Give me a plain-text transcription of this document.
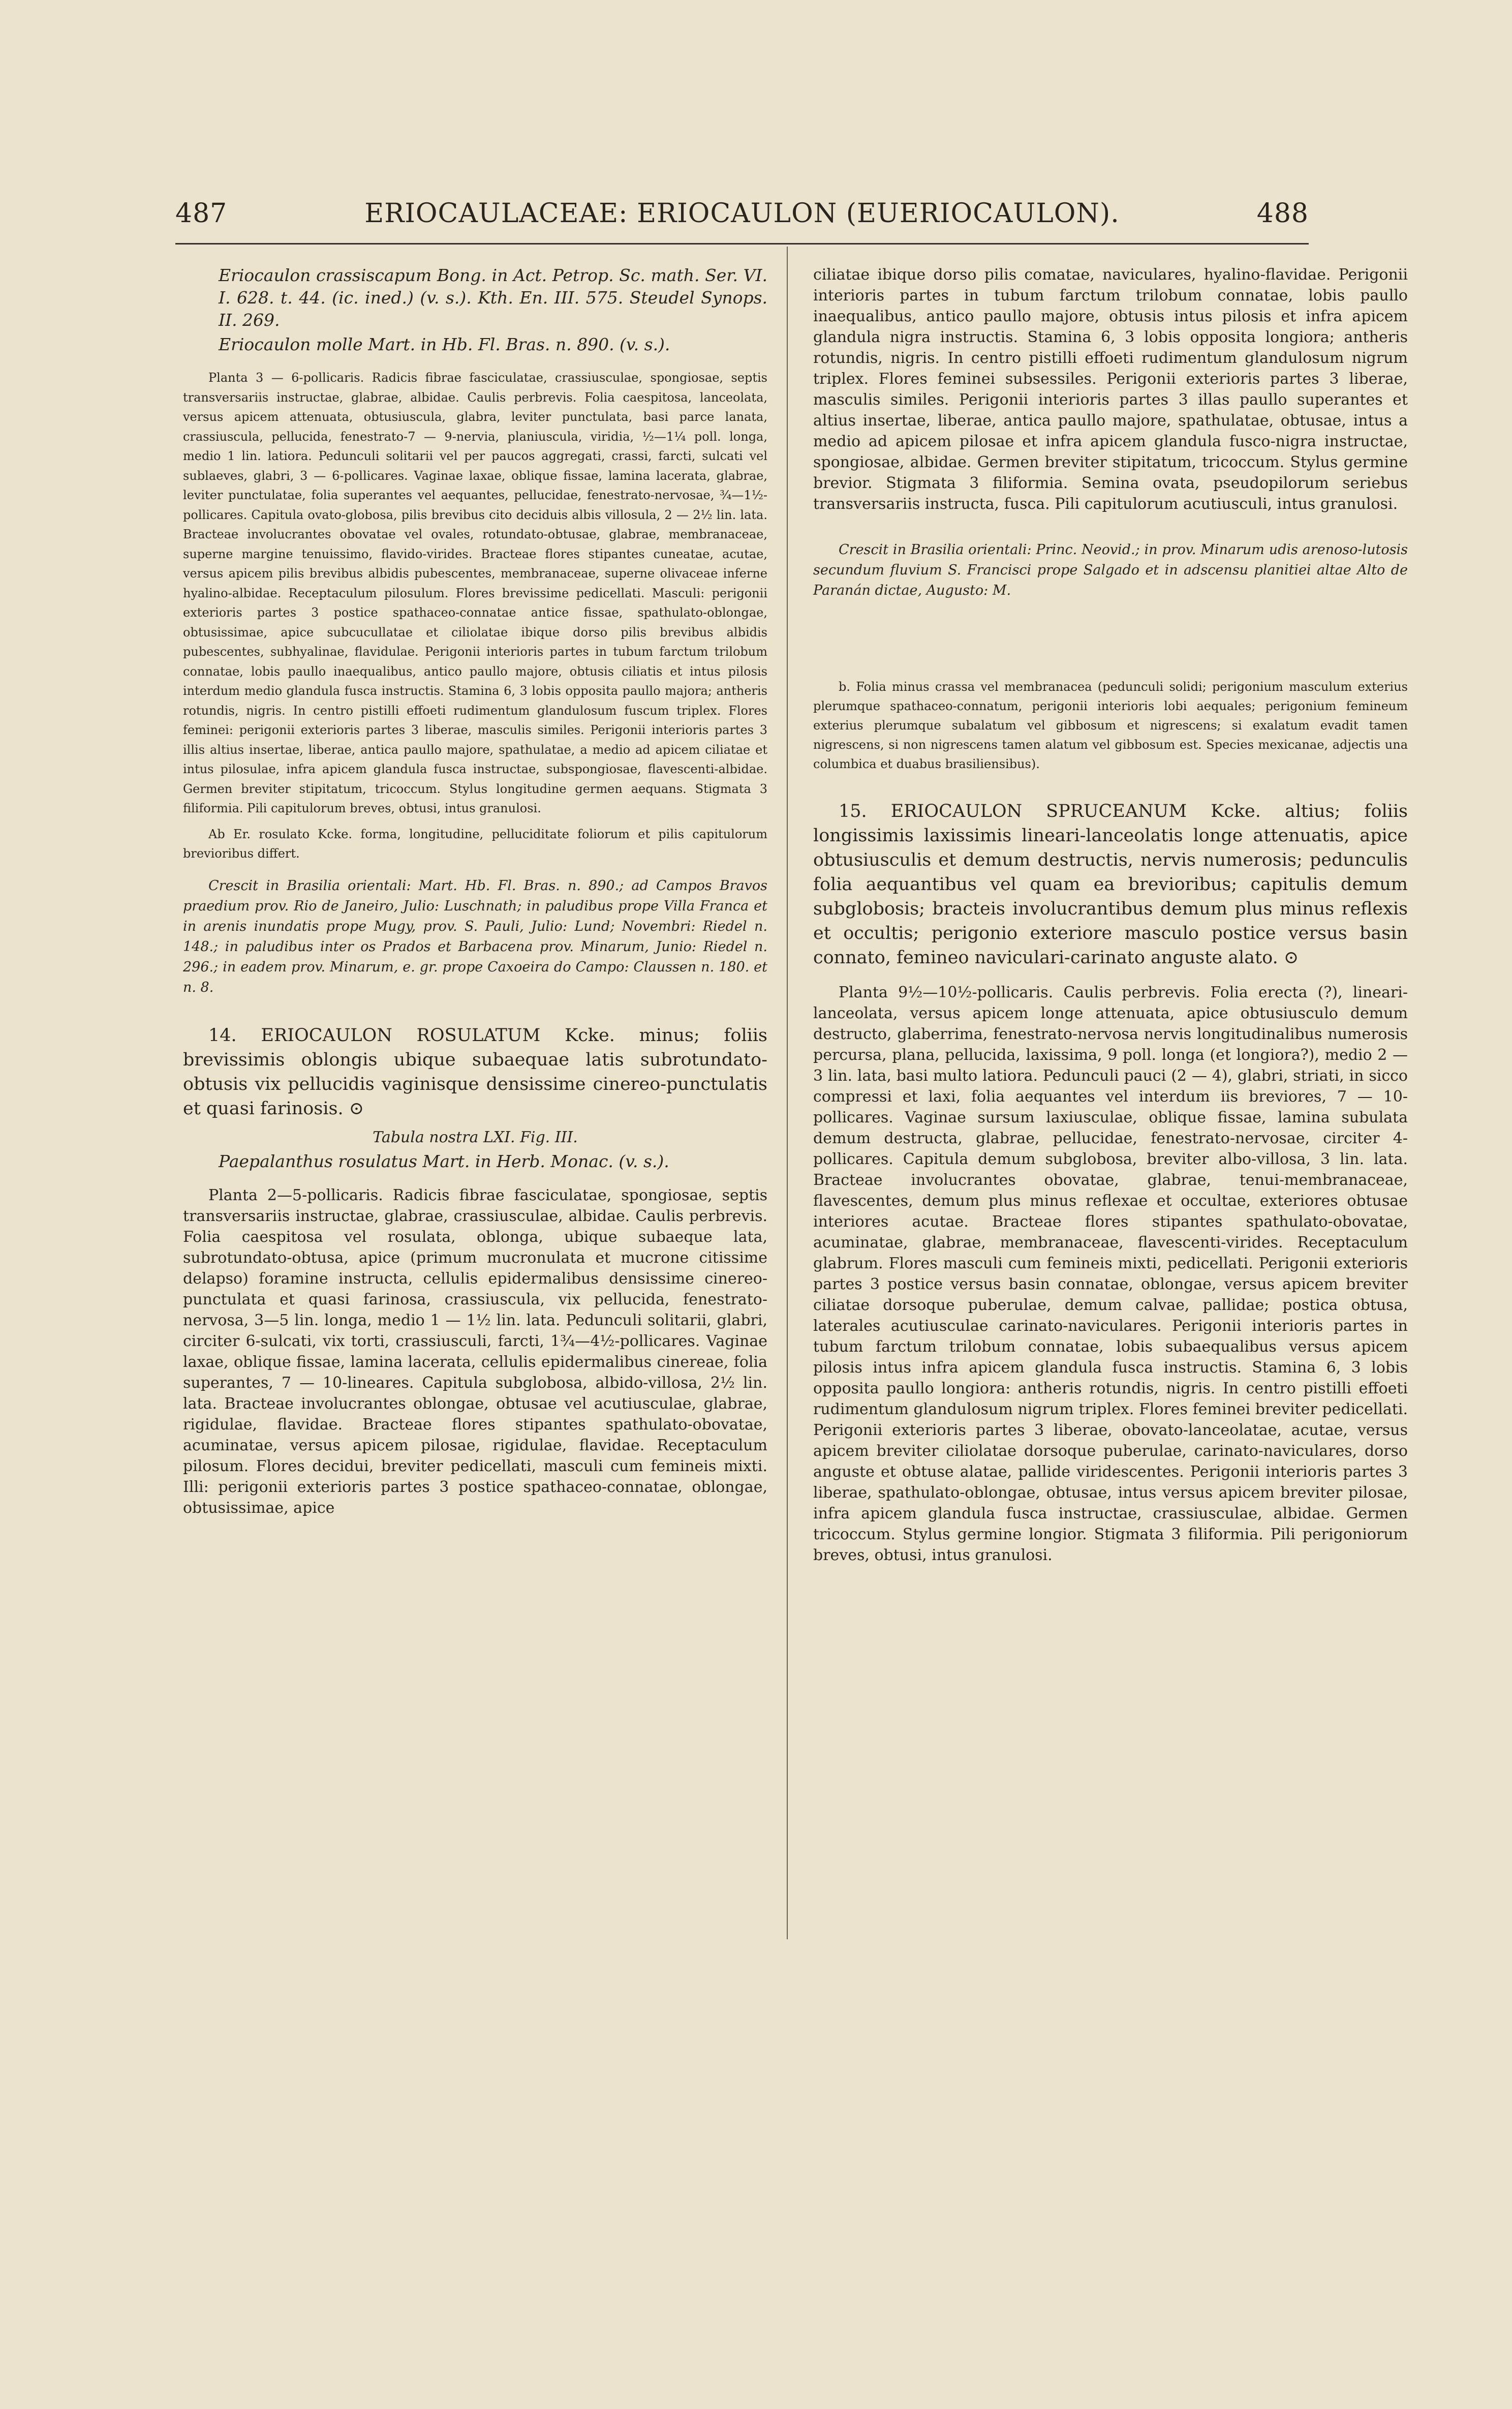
487	ERIOCAULACEAE: ERIOCAULON (EUERIOCAULON).	488

Eriocaulon crassiscapum Bong. in Act. Petrop. Sc. math. Ser. VI. I. 628. t. 44. (ic. ined.) (v. s.). Kth. En. III. 575. Steudel Synops. II. 269.

Eriocaulon molle Mart. in Hb. Fl. Bras. n. 890. (v. s.).

Planta 3 — 6-pollicaris. Radicis fibrae fasciculatae, crassiusculae, spongiosae, septis transversariis instructae, glabrae, albidae. Caulis perbrevis. Folia caespitosa, lanceolata, versus apicem attenuata, obtusiuscula, glabra, leviter punctulata, basi parce lanata, crassiuscula, pellucida, fenestrato-7 — 9-nervia, planiuscula, viridia, ½—1¼ poll. longa, medio 1 lin. latiora. Pedunculi solitarii vel per paucos aggregati, crassi, farcti, sulcati vel sublaeves, glabri, 3 — 6-pollicares. Vaginae laxae, oblique fissae, lamina lacerata, glabrae, leviter punctulatae, folia superantes vel aequantes, pellucidae, fenestrato-nervosae, ¾—1½-pollicares. Capitula ovato-globosa, pilis brevibus cito deciduis albis villosula, 2 — 2½ lin. lata. Bracteae involucrantes obovatae vel ovales, rotundato-obtusae, glabrae, membranaceae, superne margine tenuissimo, flavido-virides. Bracteae flores stipantes cuneatae, acutae, versus apicem pilis brevibus albidis pubescentes, membranaceae, superne olivaceae inferne hyalino-albidae. Receptaculum pilosulum. Flores brevissime pedicellati. Masculi: perigonii exterioris partes 3 postice spathaceo-connatae antice fissae, spathulato-oblongae, obtusissimae, apice subcucullatae et ciliolatae ibique dorso pilis brevibus albidis pubescentes, subhyalinae, flavidulae. Perigonii interioris partes in tubum farctum trilobum connatae, lobis paullo inaequalibus, antico paullo majore, obtusis ciliatis et intus pilosis interdum medio glandula fusca instructis. Stamina 6, 3 lobis opposita paullo majora; antheris rotundis, nigris. In centro pistilli effoeti rudimentum glandulosum fuscum triplex. Flores feminei: perigonii exterioris partes 3 liberae, masculis similes. Perigonii interioris partes 3 illis altius insertae, liberae, antica paullo majore, spathulatae, a medio ad apicem ciliatae et intus pilosulae, infra apicem glandula fusca instructae, subspongiosae, flavescenti-albidae. Germen breviter stipitatum, tricoccum. Stylus longitudine germen aequans. Stigmata 3 filiformia. Pili capitulorum breves, obtusi, intus granulosi.

Ab Er. rosulato Kcke. forma, longitudine, pelluciditate foliorum et pilis capitulorum brevioribus differt.

Crescit in Brasilia orientali: Mart. Hb. Fl. Bras. n. 890.; ad Campos Bravos praedium prov. Rio de Janeiro, Julio: Luschnath; in paludibus prope Villa Franca et in arenis inundatis prope Mugy, prov. S. Pauli, Julio: Lund; Novembri: Riedel n. 148.; in paludibus inter os Prados et Barbacena prov. Minarum, Junio: Riedel n. 296.; in eadem prov. Minarum, e. gr. prope Caxoeira do Campo: Claussen n. 180. et n. 8.

14. ERIOCAULON ROSULATUM Kcke. minus; foliis brevissimis oblongis ubique subaequae latis subrotundato-obtusis vix pellucidis vaginisque densissime cinereo-punctulatis et quasi farinosis. ⊙

Tabula nostra LXI. Fig. III.

Paepalanthus rosulatus Mart. in Herb. Monac. (v. s.).

Planta 2—5-pollicaris. Radicis fibrae fasciculatae, spongiosae, septis transversariis instructae, glabrae, crassiusculae, albidae. Caulis perbrevis. Folia caespitosa vel rosulata, oblonga, ubique subaeque lata, subrotundato-obtusa, apice (primum mucronulata et mucrone citissime delapso) foramine instructa, cellulis epidermalibus densissime cinereo-punctulata et quasi farinosa, crassiuscula, vix pellucida, fenestrato-nervosa, 3—5 lin. longa, medio 1 — 1½ lin. lata. Pedunculi solitarii, glabri, circiter 6-sulcati, vix torti, crassiusculi, farcti, 1¾—4½-pollicares. Vaginae laxae, oblique fissae, lamina lacerata, cellulis epidermalibus cinereae, folia superantes, 7 — 10-lineares. Capitula subglobosa, albido-villosa, 2½ lin. lata. Bracteae involucrantes oblongae, obtusae vel acutiusculae, glabrae, rigidulae, flavidae. Bracteae flores stipantes spathulato-obovatae, acuminatae, versus apicem pilosae, rigidulae, flavidae. Receptaculum pilosum. Flores decidui, breviter pedicellati, masculi cum femineis mixti. Illi: perigonii exterioris partes 3 postice spathaceo-connatae, oblongae, obtusissimae, apice

ciliatae ibique dorso pilis comatae, naviculares, hyalino-flavidae. Perigonii interioris partes in tubum farctum trilobum connatae, lobis paullo inaequalibus, antico paullo majore, obtusis intus pilosis et infra apicem glandula nigra instructis. Stamina 6, 3 lobis opposita longiora; antheris rotundis, nigris. In centro pistilli effoeti rudimentum glandulosum nigrum triplex. Flores feminei subsessiles. Perigonii exterioris partes 3 liberae, masculis similes. Perigonii interioris partes 3 illas paullo superantes et altius insertae, liberae, antica paullo majore, spathulatae, obtusae, intus a medio ad apicem pilosae et infra apicem glandula fusco-nigra instructae, spongiosae, albidae. Germen breviter stipitatum, tricoccum. Stylus germine brevior. Stigmata 3 filiformia. Semina ovata, pseudopilorum seriebus transversariis instructa, fusca. Pili capitulorum acutiusculi, intus granulosi.

Crescit in Brasilia orientali: Princ. Neovid.; in prov. Minarum udis arenoso-lutosis secundum fluvium S. Francisci prope Salgado et in adscensu planitiei altae Alto de Paranán dictae, Augusto: M.

b. Folia minus crassa vel membranacea (pedunculi solidi; perigonium masculum exterius plerumque spathaceo-connatum, perigonii interioris lobi aequales; perigonium femineum exterius plerumque subalatum vel gibbosum et nigrescens; si exalatum evadit tamen nigrescens, si non nigrescens tamen alatum vel gibbosum est. Species mexicanae, adjectis una columbica et duabus brasiliensibus).

15. ERIOCAULON SPRUCEANUM Kcke. altius; foliis longissimis laxissimis lineari-lanceolatis longe attenuatis, apice obtusiusculis et demum destructis, nervis numerosis; pedunculis folia aequantibus vel quam ea brevioribus; capitulis demum subglobosis; bracteis involucrantibus demum plus minus reflexis et occultis; perigonio exteriore masculo postice versus basin connato, femineo naviculari-carinato anguste alato. ⊙

Planta 9½—10½-pollicaris. Caulis perbrevis. Folia erecta (?), lineari-lanceolata, versus apicem longe attenuata, apice obtusiusculo demum destructo, glaberrima, fenestrato-nervosa nervis longitudinalibus numerosis percursa, plana, pellucida, laxissima, 9 poll. longa (et longiora?), medio 2 — 3 lin. lata, basi multo latiora. Pedunculi pauci (2 — 4), glabri, striati, in sicco compressi et laxi, folia aequantes vel interdum iis breviores, 7 — 10-pollicares. Vaginae sursum laxiusculae, oblique fissae, lamina subulata demum destructa, glabrae, pellucidae, fenestrato-nervosae, circiter 4-pollicares. Capitula demum subglobosa, breviter albo-villosa, 3 lin. lata. Bracteae involucrantes obovatae, glabrae, tenui-membranaceae, flavescentes, demum plus minus reflexae et occultae, exteriores obtusae interiores acutae. Bracteae flores stipantes spathulato-obovatae, acuminatae, glabrae, membranaceae, flavescenti-virides. Receptaculum glabrum. Flores masculi cum femineis mixti, pedicellati. Perigonii exterioris partes 3 postice versus basin connatae, oblongae, versus apicem breviter ciliatae dorsoque puberulae, demum calvae, pallidae; postica obtusa, laterales acutiusculae carinato-naviculares. Perigonii interioris partes in tubum farctum trilobum connatae, lobis subaequalibus versus apicem pilosis intus infra apicem glandula fusca instructis. Stamina 6, 3 lobis opposita paullo longiora: antheris rotundis, nigris. In centro pistilli effoeti rudimentum glandulosum nigrum triplex. Flores feminei breviter pedicellati. Perigonii exterioris partes 3 liberae, obovato-lanceolatae, acutae, versus apicem breviter ciliolatae dorsoque puberulae, carinato-naviculares, dorso anguste et obtuse alatae, pallide viridescentes. Perigonii interioris partes 3 liberae, spathulato-oblongae, obtusae, intus versus apicem breviter pilosae, infra apicem glandula fusca instructae, crassiusculae, albidae. Germen tricoccum. Stylus germine longior. Stigmata 3 filiformia. Pili perigoniorum breves, obtusi, intus granulosi.
